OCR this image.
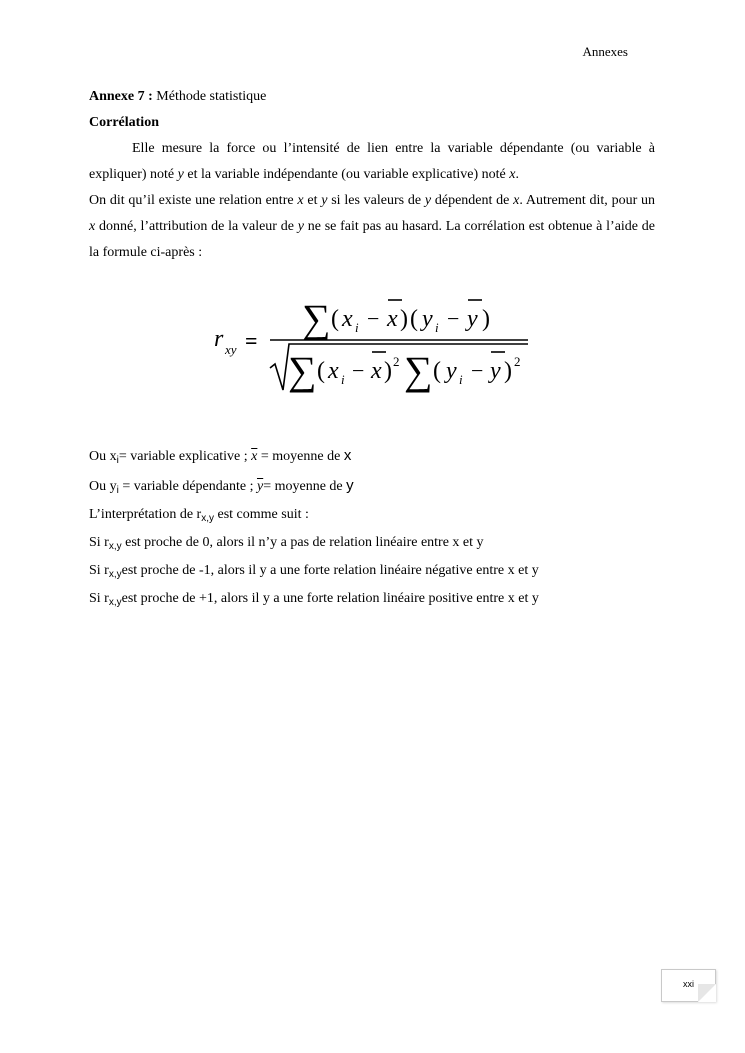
Annexes
Annexe 7 : Méthode statistique
Corrélation
Elle mesure la force ou l’intensité de lien entre la variable dépendante (ou variable à expliquer) noté y et la variable indépendante (ou variable explicative) noté x.
On dit qu’il existe une relation entre x et y si les valeurs de y dépendent de x. Autrement dit, pour un x donné, l’attribution de la valeur de y ne se fait pas au hasard. La corrélation est obtenue à l’aide de la formule ci-après :
r xy = ∑ ( x i − x ) ( y i − y )
∑ ( x i − x ) 2 ∑ ( y i − y ) 2
Ou $x_i=$ variable explicative ; $\overline{x}$ = moyenne de x
Ou $y_i$ = variable dépendante ; $\overline{y}=$ moyenne de y
L’interprétation de $r_{x,y}$ est comme suit :
Si $r_{x,y}$ est proche de 0, alors il n’y a pas de relation linéaire entre x et y
Si $r_{x,y}est$ proche de -1, alors il y a une forte relation linéaire négative entre x et y
Si $r_{x,y}est$ proche de +1, alors il y a une forte relation linéaire positive entre x et y
xxi
